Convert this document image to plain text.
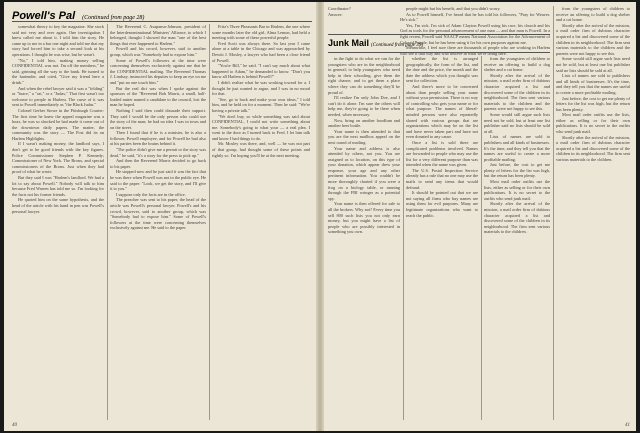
Powell's Pal (Continued from page 28)

somewhat theory to key the magazine. She stock said not very and over again. One investigation I knew called me about it. I told him the story. He came up to me in a bar one night and told me that my story had forced him to take a second look at his operations. I thought he was wise, but he wasn't.

"No," I told him, making money selling CONFIDENTIAL was not. I'm off the members," he said, grinning all the way to the bank. He turned to the bartender, and cried, "Give my friend here a drink."

And when the rebel lawyer said it was a "folding" or "brace," a "rat," or a "Judas," That first wasn't too welcome to people in Harlem. The curse of it was sent to Powell immediately as "the Black Judas."

Colonel Gerber Stowe in the Pittsburgh Courier: The first time he knew the appeal magazine was a hoax, he was so shocked he had made it come out of the downtown daily papers. The matter, the community was the story — The Post did its on Harlem Highlights.

If I wasn't making money, the landlord says, I don't get to be good friends with the key figures. Police Commissioner Stephen P. Kennedy; Commissioner of New York. The Bronx, and special commissioners of the Bronx. Just when they had proof of what he wrote.

But they said I was "Harlem's landlord. We had a lot to say about Powell." Nobody will talk to him because Fred Warren has told me so. I'm looking for the facts not his former friends.

He quoted him on the same hypothesis, and the head of the article with his hand in pen was Powell's personal lawyer.

The Reverend C. Asapansa-Johnson, president of the Interdenominational Ministers' Alliance, to which I belonged, thought I showed the man "one of the best things that ever happened to Harlem."

Powell and his crowd, however, said to another group, which was "Somebody had to expose him."

Some of Powell's followers at the time were concerning themselves exclusively against me that he the CONFIDENTIAL mailing. The Reverend Thomas J. Lindsay, instructed his deputies to keep an eye on me and "put no one touch him."

But the real dirt was when I spoke against the sponsors of the "Reverend Bob Marris, a small, half-loaded nutter named a candidate to the council, lost the man he hoped.

Nothing I said then could dissuade their support. They said I would be the only person who could use the story of the man; he had no idea I was in town and on the street.

Then I found that if he is a minister, he is also a follower, Powell employee, and for Powell he had also at his parties been the brains behind it.

"The police didn't give me a permit or the story was dead," he said, "it's a story for the press to pick up."

And then the Reverend Marris decided to go back to his paper.

He stopped now and he just said it was the fact that he was there when Powell was not in the public eye. He said to the paper: "Look, we get the story, and I'll give it to you."

I suppose only the facts are in the office.

The preacher was sent to his paper, the head of the article was Powell's personal lawyer. Powell's and his crowd, however, said to another group, which was "Somebody had to expose him." Some of Powell's followers at the time were concerning themselves exclusively against me. He said to the paper.

Fritz's Three Pheasants Bar in Harlem, the one where some months later the old girl, Alma Lemon, had held a meeting with some of these powerful people.

Fred Scott was always there. So last year I came alone at a table in the Chicago and was approached by Dewitt J. Mosley, a lawyer who had been a close friend of Powell.

"You're Bill," he said. "I can't say much about what happened to Adam," he demanded to know. "Don't you know all Harlem is behind Powell?"

I didn't realize what he was working toward for a. I thought he just wanted to argue, and I was in no mood for that.

"See, go to back and make your own ideas," I told him, and he held on for a moment. Then he said: "We're having a private talk."

"We don't buy, so while something was said about CONFIDENTIAL, I could not write something about me. Somebody's going to what your — a real plea. I went to the door as I turned back to Fred. I let him talk and know I had things to do.

Mr. Mosley was there, and, well — he was not part of that group, had thought some of these points and rightly so. I'm hoping you'll be at the next meeting.

40

Coordinator?

Answer:

people might but his benefit, and that you didn't worry.

As to Powell himself, I've heard that he has told his followers, "Pray for Weaver. He's sick."

Yes, I'm sick. I'm sick of Adam Clayton Powell using his race, his church and his God as tools for the personal advancement of one man — and that man is Powell. In a fight recent, Powell said NAACP means National Association for the Advancement of Colored People, but he has been using it for his own purposes against me.

Meanwhile, I feel sure there are thousands of people who are working in Harlem who see it that way and who believe in what we're doing here.

Junk Mail (Continued from page 39)

in the fight to do what we can for the youngsters who are in the neighborhood in general; to help youngsters who need help in their schooling, give them the right chance, and to get them a place where they can do something they'll be proud of.

I'll realize I'm only John Doe, and I can't do it alone. I'm sure the others will help me, they're going to be there when needed, when necessary.

Now, bring on another hoodlum and another beer bottle.

Your name is then attended to that you are the next mailbox appeal on the next round of mailing.

Your name and address is also attended by others, not you. You are assigned as to location, on this type of your donation, which appear drew your response, your age and any other pertinent information. You couldn't be more thoroughly charted if you were a frog on a biology table, or running through the FBI wringer as a potential spy.

Your name is then offered for sale to all the brokers. Why not? Every time you sell 800 such lists you not only earn money, but you might have a list of people who are possibly interested in something you own.

whether the list is arranged geographically, the form of the list, and the date and the price, the month and the date the address which you thought was sent for collection.

And there's more to be concerned about than people selling your name without your permission. There is no way of controlling who gets your name or for what purpose. The names of liberal-minded persons were also repeatedly shared with various groups that are organizations which may be on the list and have never taken part and have not even donated to any cause.

Once a list is sold there are complicated problems involved. Names are forwarded to people who may use the list for a very different purpose than was intended when the name was given.

The U.S. Postal Inspection Service already has a rule that no one may use the mails to send any items that would defraud.

It should be pointed out that we are not saying all firms who buy names are using them for evil purposes. Many are legitimate organizations who want to reach the public.

from the youngsters of children to receive an offering to build a dog shelter and a cat home.

Shortly after the arrival of the mission, a mail order firm of dubious character acquired a list and discovered some of the children in its neighborhood. The firm sent various materials to the children and the parents were not happy to see this.

Some would still argue such lists need not be sold, but at least one list publisher said no lists should be sold at all.

Lists of names are sold to publishers and all kinds of businesses. It's the time, and they tell you that the names are useful to create a more profitable mailing.

Just before, the cost to get me plenty of letters for the list was high, but the return has been plenty.

Most mail order outfits use the lists, either as selling or for their own publications. It is no secret to the outfits who send junk mail.

Shortly after the arrival of the mission, a mail order firm of dubious character acquired a list and discovered some of the children in its neighborhood. The firm sent various materials to the children.

from the youngsters of children to receive an offering to build a dog shelter and a cat home.

Shortly after the arrival of the mission, a mail order firm of dubious character acquired a list and discovered some of the children in its neighborhood. The firm sent various materials to the children and the parents were not happy to see this.

Some would still argue such lists need not be sold, but at least one list publisher said no lists should be sold at all.

Lists of names are sold to publishers and all kinds of businesses. It's the time, and they tell you that the names are useful to create a more profitable mailing.

Just before, the cost to get me plenty of letters for the list was high, but the return has been plenty.

Most mail order outfits use the lists, either as selling or for their own publications. It is no secret to the outfits who send junk mail.

Shortly after the arrival of the mission, a mail order firm of dubious character acquired a list and discovered some of the children in its neighborhood. The firm sent various materials to the children.

41
